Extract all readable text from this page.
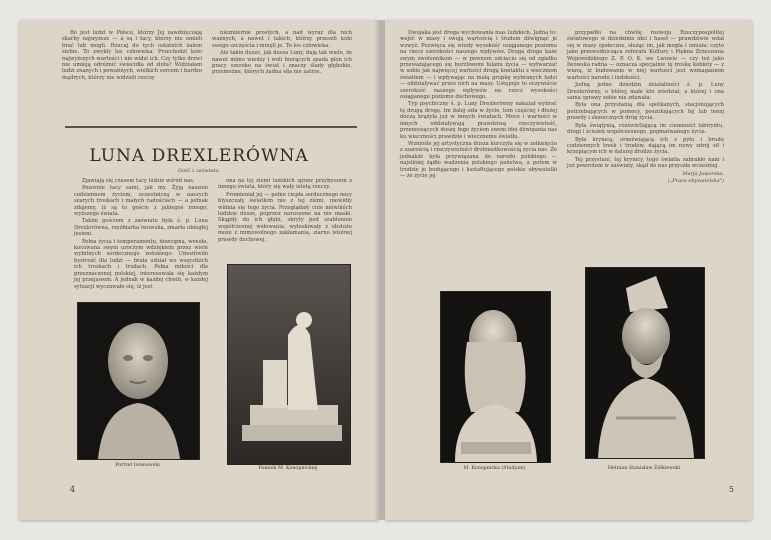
Bo jest ludzi w Polsce, którzy Jej zawdzięczają skarby najwyższe — a są i tacy, którzy nie umieli brać lub mogli. Rzucaj do tych ostatnich żalem siebie. To zwykły los człowieka. Przechodzi koło najwyższych wartości i nie widzi ich. Czy tylko drzwi nie umieją odróżnić świecidła od złota? Widziałam ludzi znanych i powabnych, wielkich sercem i bardzo mądrych, którzy nie widzieli rzeczy

niezmiernie prostych, a nad wyraz dla nich ważnych, a nawet i takich, którzy przeszli koło swego szczęścia i minęli je. To los człowieka.

Ale takie dusze, jak dusza Luny, dają tak wiele, że nawet mimo wiedzy i woli biorących spada plon ich pracy szeroko na świat i znaczy ślady głębokie, przemożne, których żadna siła nie zatrze.

LUNA DREXLERÓWNA
Gość z zaświatu.

Zjawiają się czasem tacy ludzie wśród nas.

Pozornie tacy sami, jak my. Żyją naszem codziennem życiem, uczestniczą w naszych szarych troskach i małych radościach — a jednak zdajemy, iż są to goście z jakiegoś innego, wyższego świata.

Takim gościem z zaświatu była ś. p. Luna Drexlerówna, rzeźbiarka lwowska, zmarła ubiegłej jesieni.

Pełna życia i temperamentu, dowcipna, wesoła, kocowana swym uroczym wdziękiem przez wiele wybitnych serdecznego żeńskiego. Umożliwiło bystrość dla ludzi — brała udział we wszystkich ich troskach i trudach. Pełna miłości dla przeznaczonej polskiej, interesowała się każdym jej przejawem. A jednak w każdej chwili, w każdej sytuacji wyczuwało się, iż jest

ona na tej ziemi ludzkich spraw przybyszem z innego świata, który się wały istotą rzeczy.

Promieniał jej — pełne ciepła serdecznego nosy blyszczały światłem nie z tej ziemi, niewidły widnia się tego życia. Przeglądały cnie mówikóch ludzkie dusze, poprzez naruszone na nie maski. Skąpiły do ich głębi, skryty pod szablonem współczesnej wsłowania, wyłuskiwały z obsłużu może z mimowolnego zakłamania, ziarno istotnej prawdy duchowej.

Portret Iwanowski
Pomnik M. Konopnickiej
4

Dwojaka jest droga wychowania mas ludzkich. Jedna to: wejść w masy i swoją wartością i trudem dźwignąć je wzwyż. Pozwięca się wtedy wysokość osiąganego poziomu na rzecz szerokości naszego wpływów. Druga droga każe swym zwolennikom — w pewnem odcięciu się od zgiełku przeważającego się burzliwemi falami życia — wytwarzać w sobie jak najwięcej wartości drogą kontaktu z wiecznem światłem — i wpływając na małą grupkę wybranych ludzi — oddziaływać przez nich na masy. Ustępuje to oczywiście szerokość naszego wpływów na rzecz wysokości osiąganego poziomu duchowego.

Typ psychiczny ś. p. Luny Drexlerówny nakazał wybrać tę drugą drogę. Im dalej szła w życie, tem częściej i dłużej doczą krążyła już w innych światach. Moce i wartości w innych oddziaływają prawdziwą rzeczywistość, przenoszących duszę tego życiem swem idei dźwigania nas ku wieczności prawdzie i wiecznemu światłu.

Wzniośle jej artystyczna dusza kurczyła się w zetknięciu z szarością i rzeczywistości drobnostkowością życia nas. Ze jednakże była przywiązana do narodu polskiego — najsilniej żądło wadzenia polskiego państwa, a potem w trudzie je budującego i kształtującego polskie obywatelki — że życie jej

przypadło na chwilę rozwoju Rzeczypospolitej światowego w dziedzinie idei i haseł — prawdziwie wdał się w masy społeczne, służąc im, jak mogła i umiała: czyto jako przewodnicząca referatu Kultury i Piękna Zrzeszenia Wojewódzkiego Z. P. O. K. we Lwowie — czy też jako Iwowska radna — oznacza specjalnie tę troskę kobiety — z wiarą, iż budowanie w niej wartości jest wzmaganiem wartości narodu i ludzkości.

Jedną jedno dziedzin działalności ś. p. Luny Drexlerówny, o której małe kto wiedział, a której i ona sama sprawy sobie nie zdawała:

Była ona przystanią dla spotkanych, stacjonujących potrzebujących w pomocy, poszukujących tej lub innej prawdy i słonecznych dróg życia.

Była świątynią, rozświetlającą im ciemności labiryntu, drogi i ścieżek współczesnego, pogmatwanego życia.

Była krynicą, orzeźwiającą ich z pyłu i brudu codziennych trosk i trudów, dającą im nowy zdrój sił i krzepiącym ich w dalszej drodze życia.

Tej przystani, tej krynicy, tego światła zabrakło nam i już powrotem w zaświaty, skąd do nas przyszła wcześniej.

Marja Jaworska.
(„Praca obywatelska")
M. Konopnicka (Studjum)	Hetman Stanisław Żółkiewski
5
